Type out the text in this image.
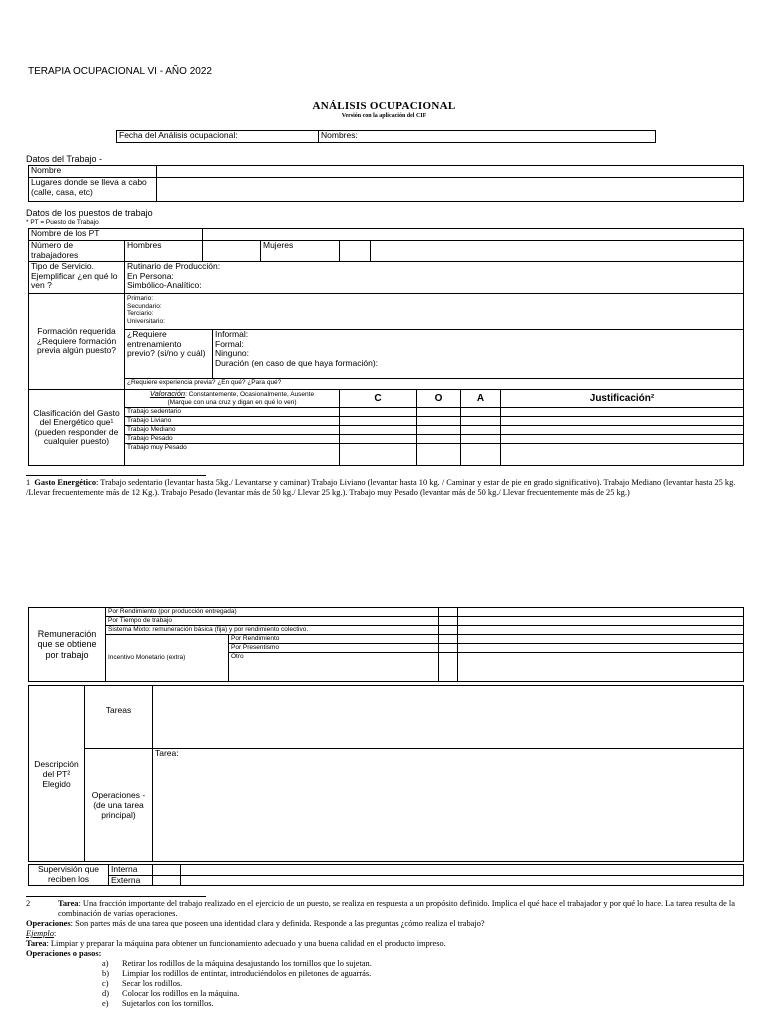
TERAPIA OCUPACIONAL VI - AÑO 2022
ANÁLISIS OCUPACIONAL
Versión con la aplicación del CIF
Fecha del Análisis ocupacional:	Nombres:
Datos del Trabajo -
Nombre	
Lugares donde se lleva a cabo (calle, casa, etc)	
Datos de los puestos de trabajo
* PT = Puesto de Trabajo
Nombre de los PT									
Número de trabajadores	Hombres			Mujeres					
Tipo de Servicio. Ejemplificar ¿en qué lo ven ?	Rutinario de Producción:
En Persona:
Simbólico-Analítico:								

Formación requerida ¿Requiere formación previa algún puesto?	Primario:
Secundario:
Terciario:
Universitario:								

	¿Requiere entrenamiento previo? (si/no y cuál)		Informal:
Formal:
Ninguno:
Duración (en caso de que haya formación):						

	¿Requiere experiencia previa? ¿En qué? ¿Para qué?								
Clasificación del Gasto del Energético que¹ (pueden responder de cualquier puesto)	Valoración: Constantemente, Ocasionalmente, Ausente
(Marque con una cruz y digan en qué lo ven)				C		O	A	Justificación²
	Trabajo sedentario								
	Trabajo Liviano								
	Trabajo Mediano								
	Trabajo Pesado								
	Trabajo muy Pesado								
1 Gasto Energético: Trabajo sedentario (levantar hasta 5kg./ Levantarse y caminar) Trabajo Liviano (levantar hasta 10 kg. / Caminar y estar de pie en grado significativo). Trabajo Mediano (levantar hasta 25 kg. /Llevar frecuentemente más de 12 Kg.). Trabajo Pesado (levantar más de 50 kg./ Llevar 25 kg.). Trabajo muy Pesado (levantar más de 50 kg./ Llevar frecuentemente más de 25 kg.)
Remuneración que se obtiene por trabajo	Por Rendimiento (por producción entregada)			
	Por Tiempo de trabajo			
	Sistema Mixto: remuneración básica (fija) y por rendimiento colectivo.			
	Incentivo Monetario (extra)	Por Rendimiento		
		Por Presentismo		
		Otro		
Descripción del PT² Elegido	Tareas	
	Operaciones - (de una tarea principal)	Tarea:
Supervisión que reciben los	Interna		
	Externa		
2	Tarea: Una fracción importante del trabajo realizado en el ejercicio de un puesto, se realiza en respuesta a un propósito definido. Implica el qué hace el trabajador y por qué lo hace. La tarea resulta de la combinación de varias operaciones.
Operaciones: Son partes más de una tarea que poseen una identidad clara y definida. Responde a las preguntas ¿cómo realiza el trabajo?
Ejemplo:
Tarea: Limpiar y preparar la máquina para obtener un funcionamiento adecuado y una buena calidad en el producto impreso.
Operaciones o pasos:
a) Retirar los rodillos de la máquina desajustando los tornillos que lo sujetan.
b) Limpiar los rodillos de entintar, introduciéndolos en piletones de aguarrás.
c) Secar los rodillos.
d) Colocar los rodillos en la máquina.
e) Sujetarlos con los tornillos.
